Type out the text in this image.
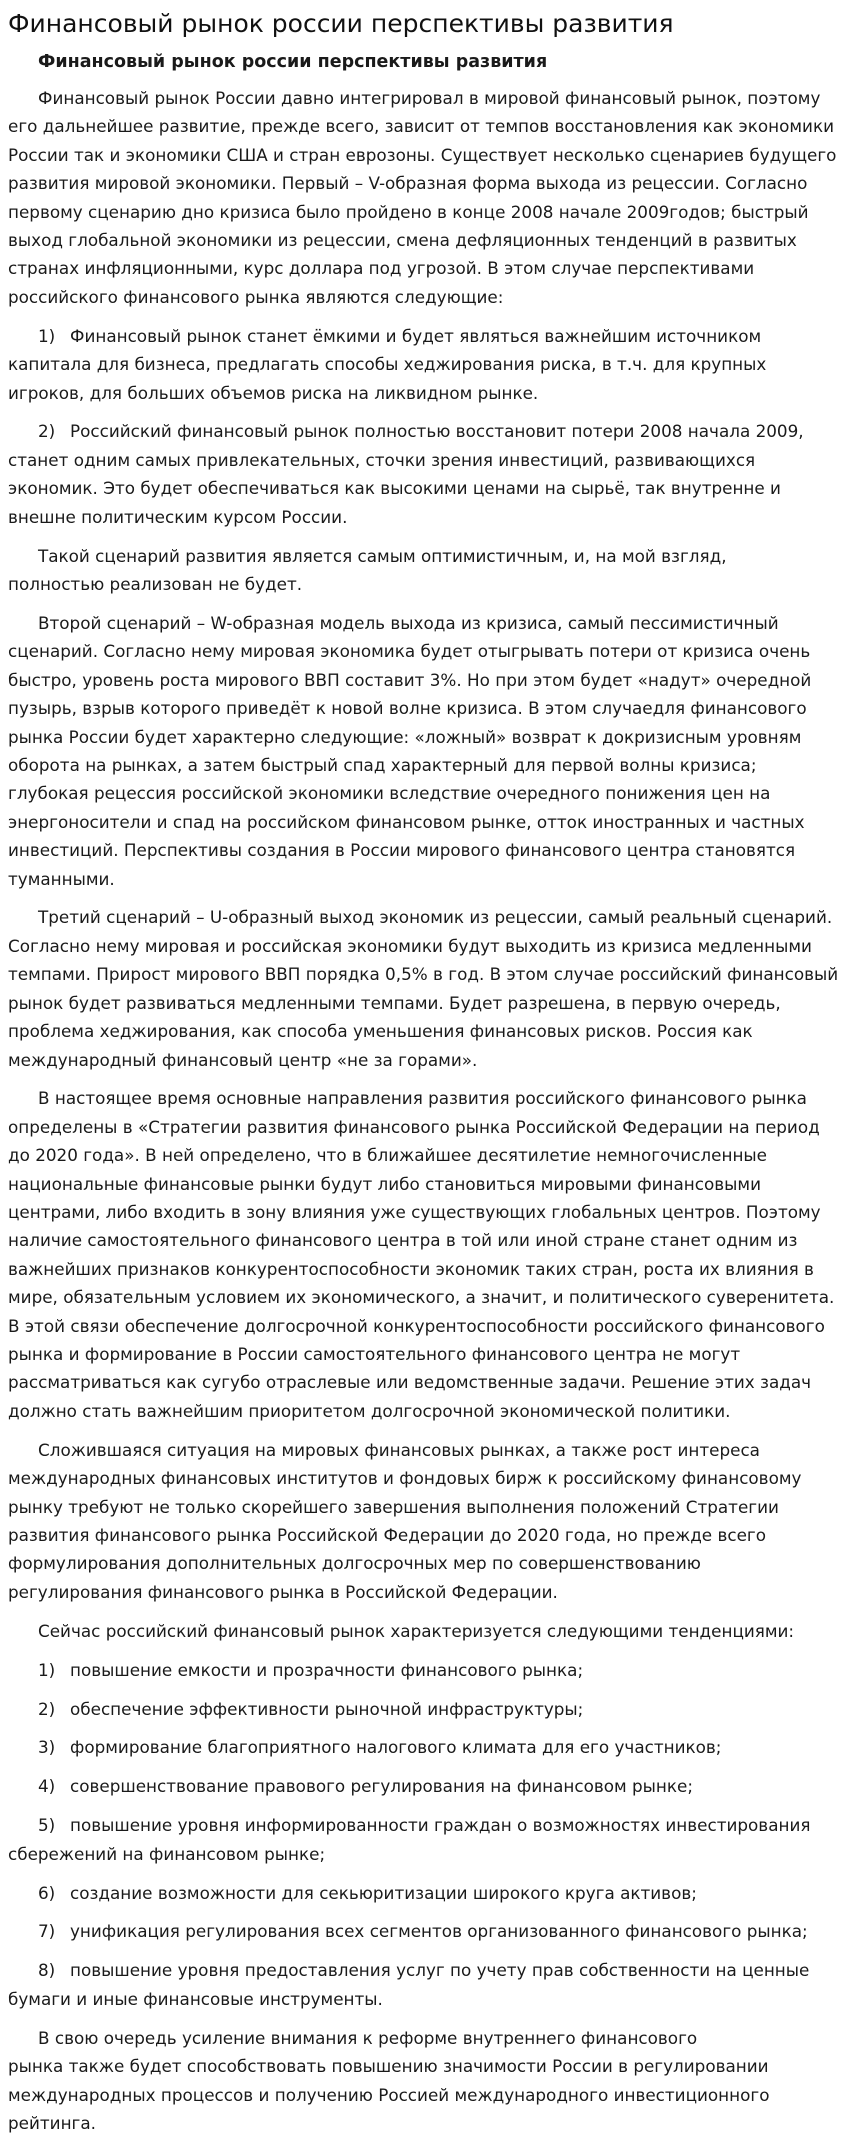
Финансовый рынок россии перспективы развития
Финансовый рынок россии перспективы развития

Финансовый рынок России давно интегрировал в мировой финансовый рынок, поэтому его дальнейшее развитие, прежде всего, зависит от темпов восстановления как экономики России так и экономики США и стран еврозоны. Существует несколько сценариев будущего развития мировой экономики. Первый – V-образная форма выхода из рецессии. Согласно первому сценарию дно кризиса было пройдено в конце 2008 начале 2009годов; быстрый выход глобальной экономики из рецессии, смена дефляционных тенденций в развитых странах инфляционными, курс доллара под угрозой. В этом случае перспективами российского финансового рынка являются следующие:

1) Финансовый рынок станет ёмкими и будет являться важнейшим источником капитала для бизнеса, предлагать способы хеджирования риска, в т.ч. для крупных игроков, для больших объемов риска на ликвидном рынке.

2) Российский финансовый рынок полностью восстановит потери 2008 начала 2009, станет одним самых привлекательных, сточки зрения инвестиций, развивающихся экономик. Это будет обеспечиваться как высокими ценами на сырьё, так внутренне и внешне политическим курсом России.

Такой сценарий развития является самым оптимистичным, и, на мой взгляд,
полностью реализован не будет.

Второй сценарий – W-образная модель выхода из кризиса, самый пессимистичный сценарий. Согласно нему мировая экономика будет отыгрывать потери от кризиса очень быстро, уровень роста мирового ВВП составит 3%. Но при этом будет «надут» очередной пузырь, взрыв которого приведёт к новой волне кризиса. В этом случаедля финансового рынка России будет характерно следующие: «ложный» возврат к докризисным уровням оборота на рынках, а затем быстрый спад характерный для первой волны кризиса; глубокая рецессия российской экономики вследствие очередного понижения цен на энергоносители и спад на российском финансовом рынке, отток иностранных и частных инвестиций. Перспективы создания в России мирового финансового центра становятся туманными.

Третий сценарий – U-образный выход экономик из рецессии, самый реальный сценарий. Согласно нему мировая и российская экономики будут выходить из кризиса медленными темпами. Прирост мирового ВВП порядка 0,5% в год. В этом случае российский финансовый рынок будет развиваться медленными темпами. Будет разрешена, в первую очередь, проблема хеджирования, как способа уменьшения финансовых рисков. Россия как международный финансовый центр «не за горами».

В настоящее время основные направления развития российского финансового рынка определены в «Стратегии развития финансового рынка Российской Федерации на период до 2020 года». В ней определено, что в ближайшее десятилетие немногочисленные национальные финансовые рынки будут либо становиться мировыми финансовыми центрами, либо входить в зону влияния уже существующих глобальных центров. Поэтому наличие самостоятельного финансового центра в той или иной стране станет одним из важнейших признаков конкурентоспособности экономик таких стран, роста их влияния в мире, обязательным условием их экономического, а значит, и политического суверенитета. В этой связи обеспечение долгосрочной конкурентоспособности российского финансового рынка и формирование в России самостоятельного финансового центра не могут рассматриваться как сугубо отраслевые или ведомственные задачи. Решение этих задач должно стать важнейшим приоритетом долгосрочной экономической политики.

Сложившаяся ситуация на мировых финансовых рынках, а также рост интереса международных финансовых институтов и фондовых бирж к российскому финансовому рынку требуют не только скорейшего завершения выполнения положений Стратегии развития финансового рынка Российской Федерации до 2020 года, но прежде всего формулирования дополнительных долгосрочных мер по совершенствованию регулирования финансового рынка в Российской Федерации.

Сейчас российский финансовый рынок характеризуется следующими тенденциями:

1) повышение емкости и прозрачности финансового рынка;

2) обеспечение эффективности рыночной инфраструктуры;

3) формирование благоприятного налогового климата для его участников;

4) совершенствование правового регулирования на финансовом рынке;

5) повышение уровня информированности граждан о возможностях инвестирования сбережений на финансовом рынке;

6) создание возможности для секьюритизации широкого круга активов;

7) унификация регулирования всех сегментов организованного финансового рынка;

8) повышение уровня предоставления услуг по учету прав собственности на ценные бумаги и иные финансовые инструменты.

В свою очередь усиление внимания к реформе внутреннего финансового
рынка также будет способствовать повышению значимости России в регулировании международных процессов и получению Россией международного инвестиционного рейтинга.
